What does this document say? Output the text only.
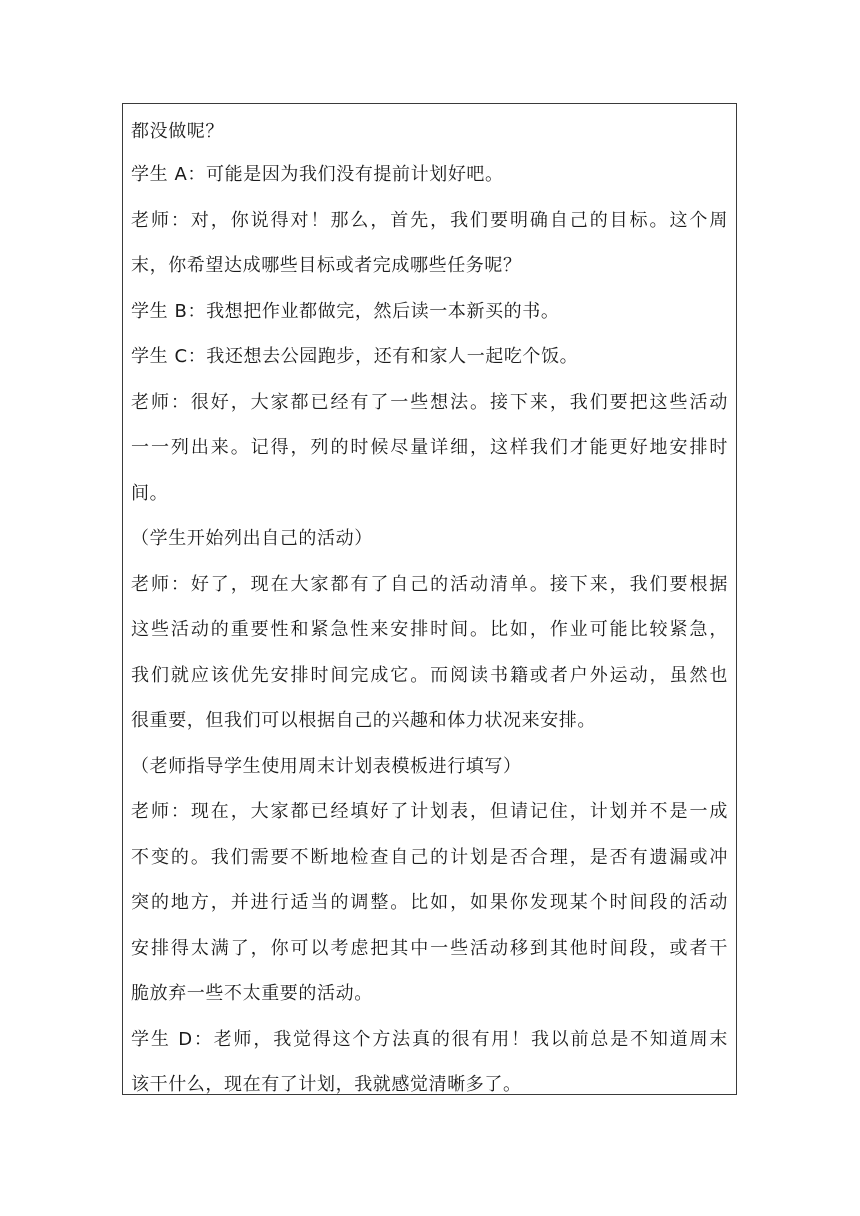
都没做呢？
学生 A：可能是因为我们没有提前计划好吧。
老师：对，你说得对！那么，首先，我们要明确自己的目标。这个周
末，你希望达成哪些目标或者完成哪些任务呢？
学生 B：我想把作业都做完，然后读一本新买的书。
学生 C：我还想去公园跑步，还有和家人一起吃个饭。
老师：很好，大家都已经有了一些想法。接下来，我们要把这些活动
一一列出来。记得，列的时候尽量详细，这样我们才能更好地安排时
间。
（学生开始列出自己的活动）
老师：好了，现在大家都有了自己的活动清单。接下来，我们要根据
这些活动的重要性和紧急性来安排时间。比如，作业可能比较紧急，
我们就应该优先安排时间完成它。而阅读书籍或者户外运动，虽然也
很重要，但我们可以根据自己的兴趣和体力状况来安排。
（老师指导学生使用周末计划表模板进行填写）
老师：现在，大家都已经填好了计划表，但请记住，计划并不是一成
不变的。我们需要不断地检查自己的计划是否合理，是否有遗漏或冲
突的地方，并进行适当的调整。比如，如果你发现某个时间段的活动
安排得太满了，你可以考虑把其中一些活动移到其他时间段，或者干
脆放弃一些不太重要的活动。
学生 D：老师，我觉得这个方法真的很有用！我以前总是不知道周末
该干什么，现在有了计划，我就感觉清晰多了。
